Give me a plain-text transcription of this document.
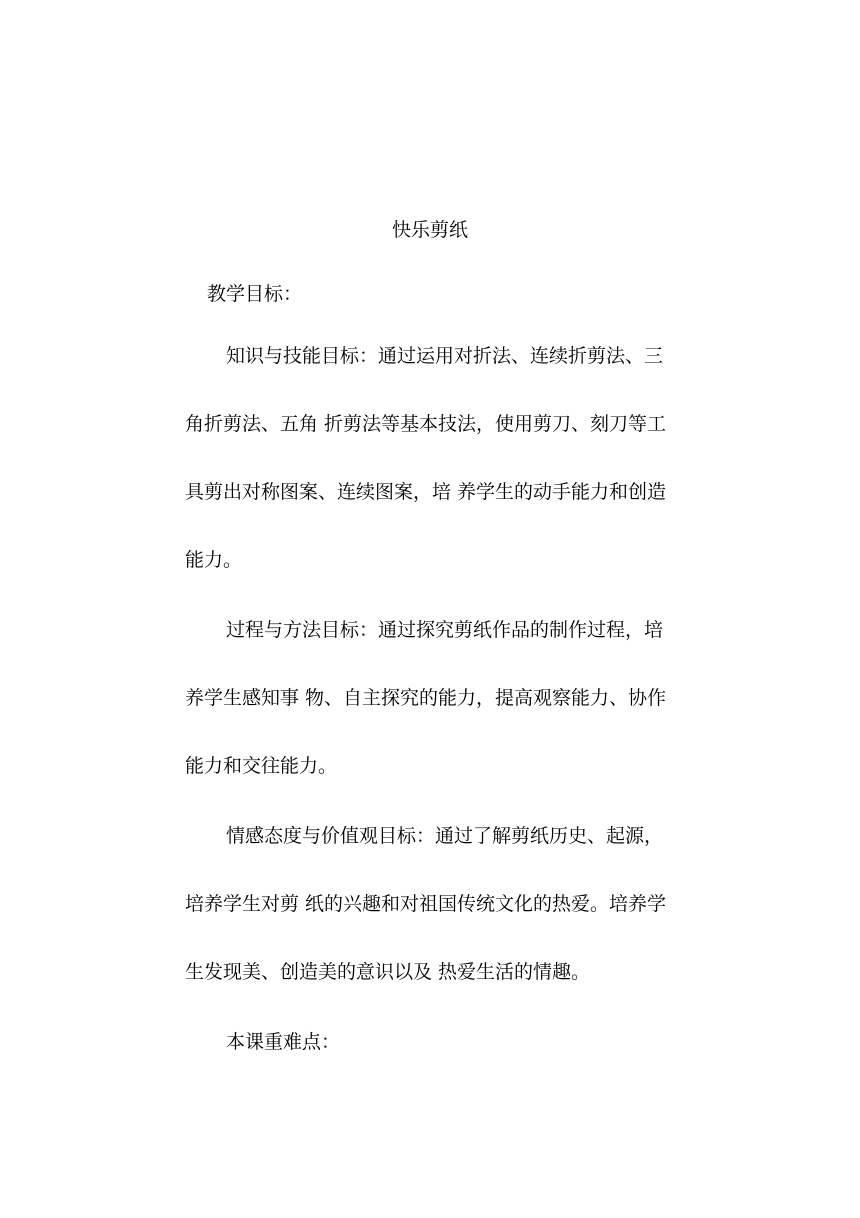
快乐剪纸

教学目标：

知识与技能目标：通过运用对折法、连续折剪法、三
角折剪法、五角 折剪法等基本技法，使用剪刀、刻刀等工
具剪出对称图案、连续图案，培 养学生的动手能力和创造
能力。

过程与方法目标：通过探究剪纸作品的制作过程，培
养学生感知事 物、自主探究的能力，提高观察能力、协作
能力和交往能力。

情感态度与价值观目标：通过了解剪纸历史、起源，
培养学生对剪 纸的兴趣和对祖国传统文化的热爱。培养学
生发现美、创造美的意识以及 热爱生活的情趣。

本课重难点：
